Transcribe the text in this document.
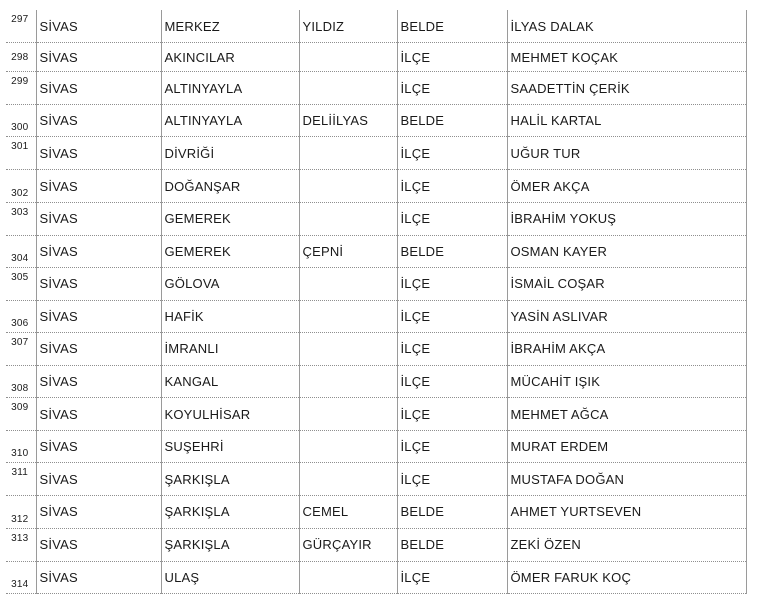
297	SİVAS	MERKEZ	YILDIZ	BELDE	İLYAS DALAK
298	SİVAS	AKINCILAR		İLÇE	MEHMET KOÇAK
299	SİVAS	ALTINYAYLA		İLÇE	SAADETTİN ÇERİK
300	SİVAS	ALTINYAYLA	DELİİLYAS	BELDE	HALİL KARTAL
301	SİVAS	DİVRİĞİ		İLÇE	UĞUR TUR
302	SİVAS	DOĞANŞAR		İLÇE	ÖMER AKÇA
303	SİVAS	GEMEREK		İLÇE	İBRAHİM YOKUŞ
304	SİVAS	GEMEREK	ÇEPNİ	BELDE	OSMAN KAYER
305	SİVAS	GÖLOVA		İLÇE	İSMAİL COŞAR
306	SİVAS	HAFİK		İLÇE	YASİN ASLIVAR
307	SİVAS	İMRANLI		İLÇE	İBRAHİM AKÇA
308	SİVAS	KANGAL		İLÇE	MÜCAHİT IŞIK
309	SİVAS	KOYULHİSAR		İLÇE	MEHMET AĞCA
310	SİVAS	SUŞEHRİ		İLÇE	MURAT ERDEM
311	SİVAS	ŞARKIŞLA		İLÇE	MUSTAFA DOĞAN
312	SİVAS	ŞARKIŞLA	CEMEL	BELDE	AHMET YURTSEVEN
313	SİVAS	ŞARKIŞLA	GÜRÇAYIR	BELDE	ZEKİ ÖZEN
314	SİVAS	ULAŞ		İLÇE	ÖMER FARUK KOÇ
